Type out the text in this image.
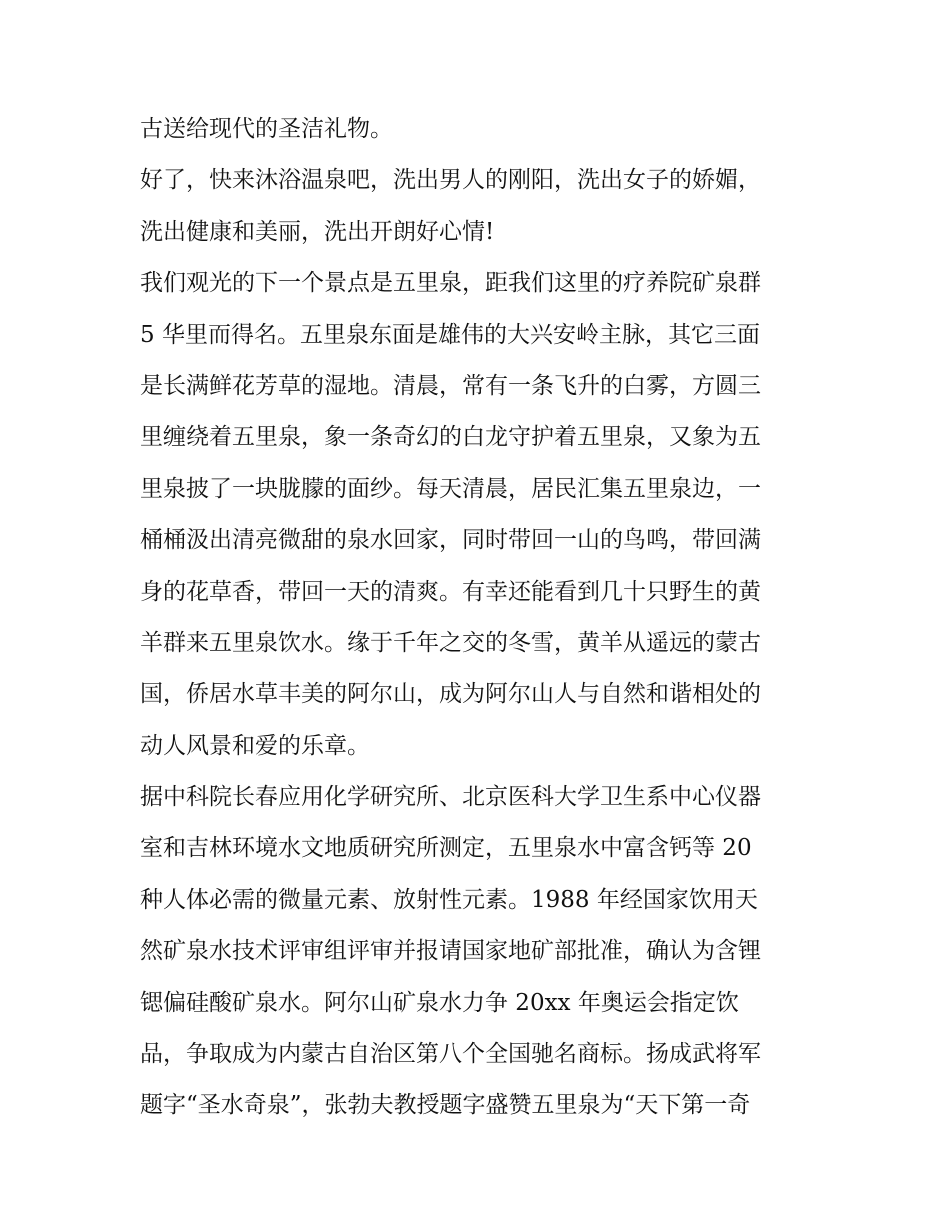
古送给现代的圣洁礼物。
好了，快来沐浴温泉吧，洗出男人的刚阳，洗出女子的娇媚，
洗出健康和美丽，洗出开朗好心情!
我们观光的下一个景点是五里泉，距我们这里的疗养院矿泉群
5 华里而得名。五里泉东面是雄伟的大兴安岭主脉，其它三面
是长满鲜花芳草的湿地。清晨，常有一条飞升的白雾，方圆三
里缠绕着五里泉，象一条奇幻的白龙守护着五里泉，又象为五
里泉披了一块胧朦的面纱。每天清晨，居民汇集五里泉边，一
桶桶汲出清亮微甜的泉水回家，同时带回一山的鸟鸣，带回满
身的花草香，带回一天的清爽。有幸还能看到几十只野生的黄
羊群来五里泉饮水。缘于千年之交的冬雪，黄羊从遥远的蒙古
国，侨居水草丰美的阿尔山，成为阿尔山人与自然和谐相处的
动人风景和爱的乐章。
据中科院长春应用化学研究所、北京医科大学卫生系中心仪器
室和吉林环境水文地质研究所测定，五里泉水中富含钙等 20
种人体必需的微量元素、放射性元素。1988 年经国家饮用天
然矿泉水技术评审组评审并报请国家地矿部批准，确认为含锂
锶偏硅酸矿泉水。阿尔山矿泉水力争 20xx 年奥运会指定饮
品，争取成为内蒙古自治区第八个全国驰名商标。扬成武将军
题字“圣水奇泉”，张勃夫教授题字盛赞五里泉为“天下第一奇
